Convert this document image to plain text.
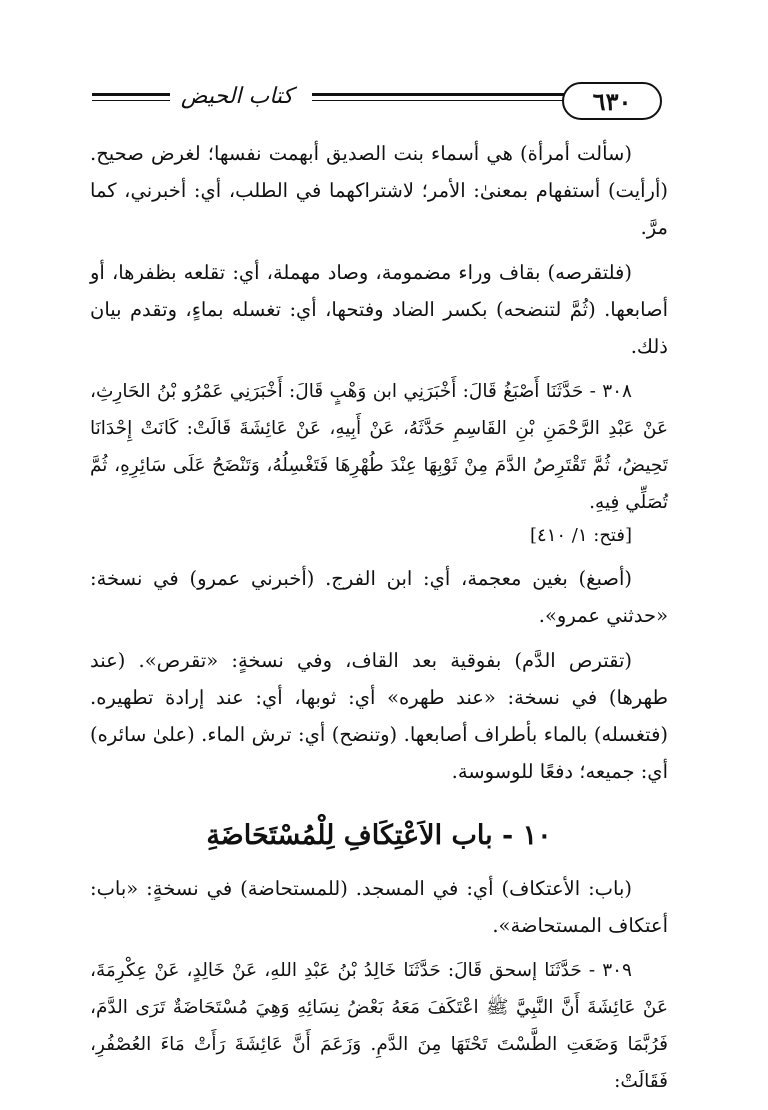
كتاب الحيض	٦٣٠

(سألت أمرأة) هي أسماء بنت الصديق أبهمت نفسها؛ لغرض صحيح. (أرأيت) أستفهام بمعنىٰ: الأمر؛ لاشتراكهما في الطلب، أي: أخبرني، كما مرَّ.

(فلتقرصه) بقاف وراء مضمومة، وصاد مهملة، أي: تقلعه بظفرها، أو أصابعها. (ثُمَّ لتنضحه) بكسر الضاد وفتحها، أي: تغسله بماءٍ، وتقدم بيان ذلك.

٣٠٨ - حَدَّثَنَا أَصْبَغُ قَالَ: أَخْبَرَنِي ابن وَهْبٍ قَالَ: أَخْبَرَنِي عَمْرُو بْنُ الحَارِثِ، عَنْ عَبْدِ الرَّحْمَنِ بْنِ القَاسِمِ حَدَّثَهُ، عَنْ أَبِيهِ، عَنْ عَائِشَةَ قَالَتْ: كَانَتْ إِحْدَانَا تَحِيضُ، ثُمَّ تَقْتَرِصُ الدَّمَ مِنْ ثَوْبِهَا عِنْدَ طُهْرِهَا فَتَغْسِلُهُ، وَتَنْضَحُ عَلَى سَائِرِهِ، ثُمَّ تُصَلِّي فِيهِ.
[فتح: ١/ ٤١٠]

(أصبغ) بغين معجمة، أي: ابن الفرج. (أخبرني عمرو) في نسخة: «حدثني عمرو».

(تقترص الدَّم) بفوقية بعد القاف، وفي نسخةٍ: «تقرص». (عند طهرها) في نسخة: «عند طهره» أي: ثوبها، أي: عند إرادة تطهيره. (فتغسله) بالماء بأطراف أصابعها. (وتنضح) أي: ترش الماء. (علىٰ سائره) أي: جميعه؛ دفعًا للوسوسة.

١٠ - باب الاَعْتِكَافِ لِلْمُسْتَحَاضَةِ

(باب: الأعتكاف) أي: في المسجد. (للمستحاضة) في نسخةٍ: «باب: أعتكاف المستحاضة».

٣٠٩ - حَدَّثَنَا إسحق قَالَ: حَدَّثَنَا خَالِدُ بْنُ عَبْدِ اللهِ، عَنْ خَالِدٍ، عَنْ عِكْرِمَةَ، عَنْ عَائِشَةَ أَنَّ النَّبِيَّ ﷺ اعْتَكَفَ مَعَهُ بَعْضُ نِسَائِهِ وَهِيَ مُسْتَحَاضَةٌ تَرَى الدَّمَ، فَرُبَّمَا وَضَعَتِ الطَّسْتَ تَحْتَهَا مِنَ الدَّمِ. وَزَعَمَ أَنَّ عَائِشَةَ رَأَتْ مَاءَ العُصْفُرِ، فَقَالَتْ:
